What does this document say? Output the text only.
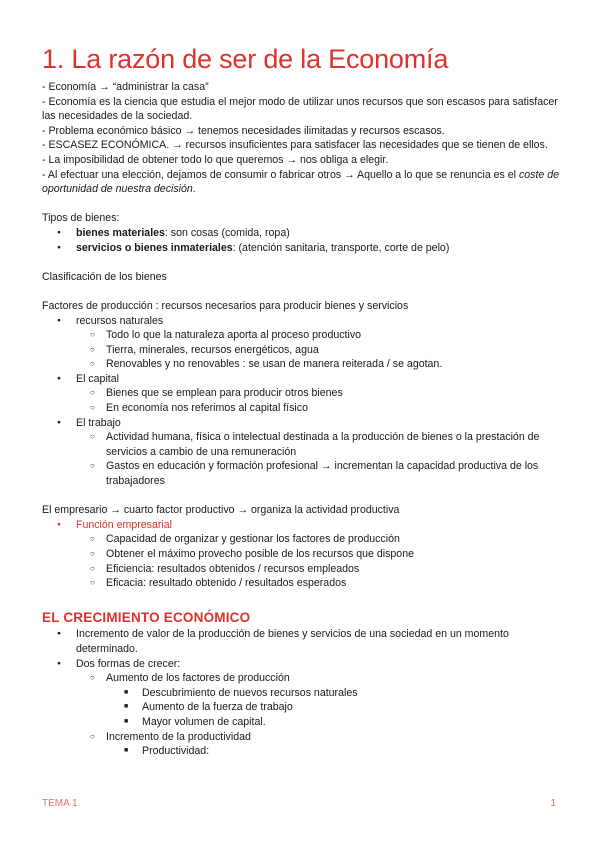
1. La razón de ser de la Economía

- Economía → “administrar la casa”

- Economía es la ciencia que estudia el mejor modo de utilizar unos recursos que son escasos para satisfacer las necesidades de la sociedad.

- Problema económico básico → tenemos necesidades ilimitadas y recursos escasos.

- ESCASEZ ECONÓMICA. → recursos insuficientes para satisfacer las necesidades que se tienen de ellos.

- La imposibilidad de obtener todo lo que queremos → nos obliga a elegir.

- Al efectuar una elección, dejamos de consumir o fabricar otros → Aquello a lo que se renuncia es el coste de oportunidad de nuestra decisión.

Tipos de bienes:

● bienes materiales: son cosas (comida, ropa)
● servicios o bienes inmateriales: (atención sanitaria, transporte, corte de pelo)

Clasificación de los bienes

Factores de producción : recursos necesarios para producir bienes y servicios

● recursos naturales
○ Todo lo que la naturaleza aporta al proceso productivo
○ Tierra, minerales, recursos energéticos, agua
○ Renovables y no renovables : se usan de manera reiterada / se agotan.
● El capital
○ Bienes que se emplean para producir otros bienes
○ En economía nos referimos al capital físico
● El trabajo
○ Actividad humana, física o intelectual destinada a la producción de bienes o la prestación de servicios a cambio de una remuneración
○ Gastos en educación y formación profesional → incrementan la capacidad productiva de los trabajadores

El empresario → cuarto factor productivo → organiza la actividad productiva

● Función empresarial
○ Capacidad de organizar y gestionar los factores de producción
○ Obtener el máximo provecho posible de los recursos que dispone
○ Eficiencia: resultados obtenidos / recursos empleados
○ Eficacia: resultado obtenido / resultados esperados
EL CRECIMIENTO ECONÓMICO
● Incremento de valor de la producción de bienes y servicios de una sociedad en un momento determinado.
● Dos formas de crecer:
○ Aumento de los factores de producción
■ Descubrimiento de nuevos recursos naturales
■ Aumento de la fuerza de trabajo
■ Mayor volumen de capital.
○ Incremento de la productividad
■ Productividad:
TEMA 1	1
